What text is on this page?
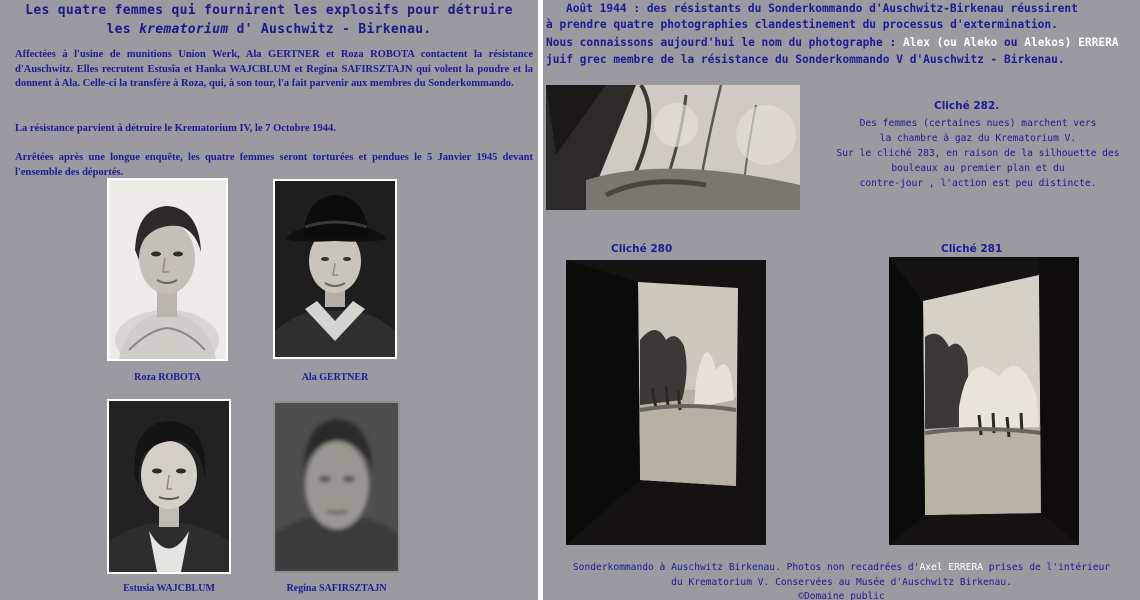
Les quatre femmes qui fournirent les explosifs pour détruire
les krematorium d' Auschwitz - Birkenau.
Affectées à l'usine de munitions Union Werk, Ala GERTNER et Roza ROBOTA contactent la résistance d'Auschwitz. Elles recrutent Estusîa et Hanka WAJCBLUM et Regina SAFIRSZTAJN qui volent la poudre et la donnent à Ala. Celle-ci la transfère à Roza, qui, à son tour, l'a fait parvenir aux membres du Sonderkommando.
La résistance parvient à détruire le Krematorium IV, le 7 Octobre 1944.
Arrêtées après une longue enquête, les quatre femmes seront torturées et pendues le 5 Janvier 1945 devant l'ensemble des déportés.
Roza ROBOTA	Ala GERTNER
Estusia WAJCBLUM	Regina SAFIRSZTAJN
Août 1944 : des résistants du Sonderkommando d'Auschwitz-Birkenau réussirent
à prendre quatre photographies clandestinement du processus d'extermination.
Nous connaissons aujourd'hui le nom du photographe : Alex (ou Aleko ou Alekos) ERRERA
juif grec membre de la résistance du Sonderkommando V d'Auschwitz - Birkenau.
Cliché 282.
Des femmes (certaines nues) marchent vers
la chambre à gaz du Krematorium V.
Sur le cliché 283, en raison de la silhouette des
bouleaux au premier plan et du
contre-jour , l'action est peu distincte.
Cliché 280	Cliché 281
Sonderkommando à Auschwitz Birkenau. Photos non recadrées d'Axel ERRERA prises de l'intérieur
du Krematorium V. Conservées au Musée d'Auschwitz Birkenau.
©Domaine public
